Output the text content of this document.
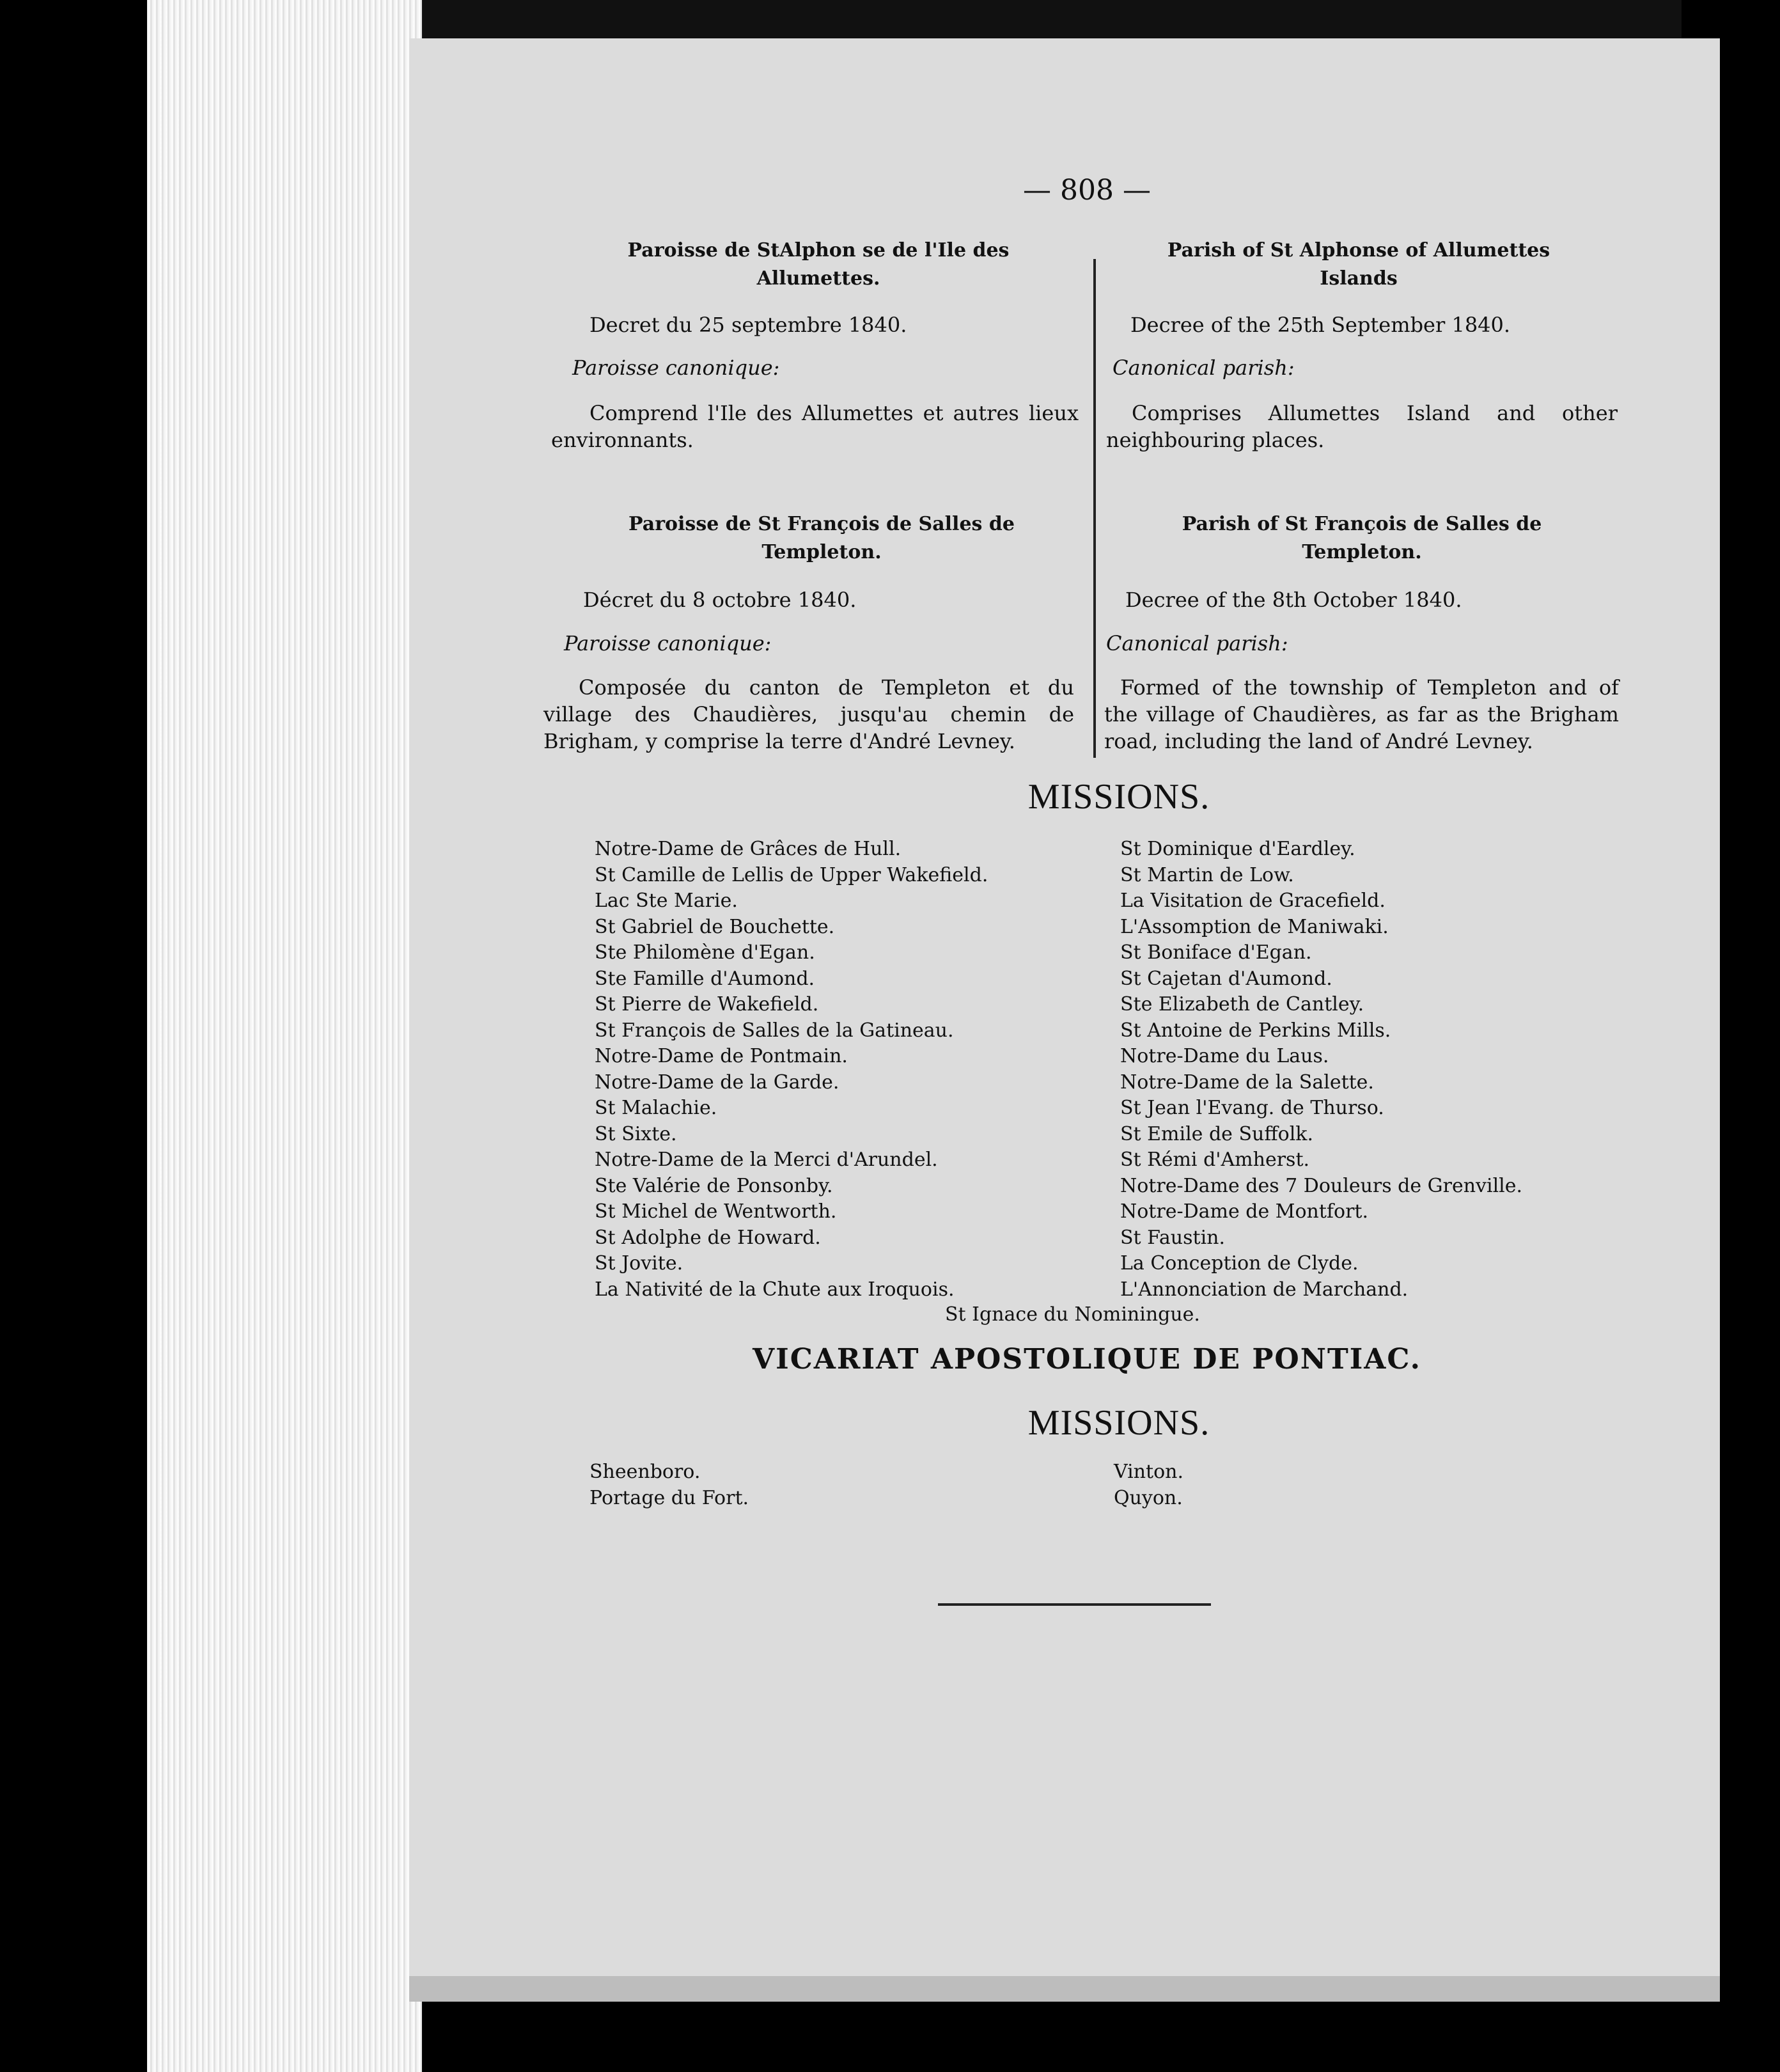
— 808 —
Paroisse de StAlphon se de l'Ile des Allumettes.
Parish of St Alphonse of Allumettes Islands
Decret du 25 septembre 1840.	Decree of the 25th September 1840.
Paroisse canonique:	Canonical parish:
Comprend l'Ile des Allumettes et autres lieux environnants.
Comprises Allumettes Island and other neighbouring places.
Paroisse de St François de Salles de Templeton.
Parish of St François de Salles de Templeton.
Décret du 8 octobre 1840.	Decree of the 8th October 1840.
Paroisse canonique:	Canonical parish:
Composée du canton de Templeton et du village des Chaudières, jusqu'au chemin de Brigham, y comprise la terre d'André Levney.
Formed of the township of Templeton and of the village of Chaudières, as far as the Brigham road, including the land of André Levney.
MISSIONS.
Notre-Dame de Grâces de Hull.
St Camille de Lellis de Upper Wakefield.
Lac Ste Marie.
St Gabriel de Bouchette.
Ste Philomène d'Egan.
Ste Famille d'Aumond.
St Pierre de Wakefield.
St François de Salles de la Gatineau.
Notre-Dame de Pontmain.
Notre-Dame de la Garde.
St Malachie.
St Sixte.
Notre-Dame de la Merci d'Arundel.
Ste Valérie de Ponsonby.
St Michel de Wentworth.
St Adolphe de Howard.
St Jovite.
La Nativité de la Chute aux Iroquois.
St Dominique d'Eardley.
St Martin de Low.
La Visitation de Gracefield.
L'Assomption de Maniwaki.
St Boniface d'Egan.
St Cajetan d'Aumond.
Ste Elizabeth de Cantley.
St Antoine de Perkins Mills.
Notre-Dame du Laus.
Notre-Dame de la Salette.
St Jean l'Evang. de Thurso.
St Emile de Suffolk.
St Rémi d'Amherst.
Notre-Dame des 7 Douleurs de Grenville.
Notre-Dame de Montfort.
St Faustin.
La Conception de Clyde.
L'Annonciation de Marchand.
St Ignace du Nominingue.
VICARIAT APOSTOLIQUE DE PONTIAC.
MISSIONS.
Sheenboro.
Portage du Fort.
Vinton.
Quyon.
